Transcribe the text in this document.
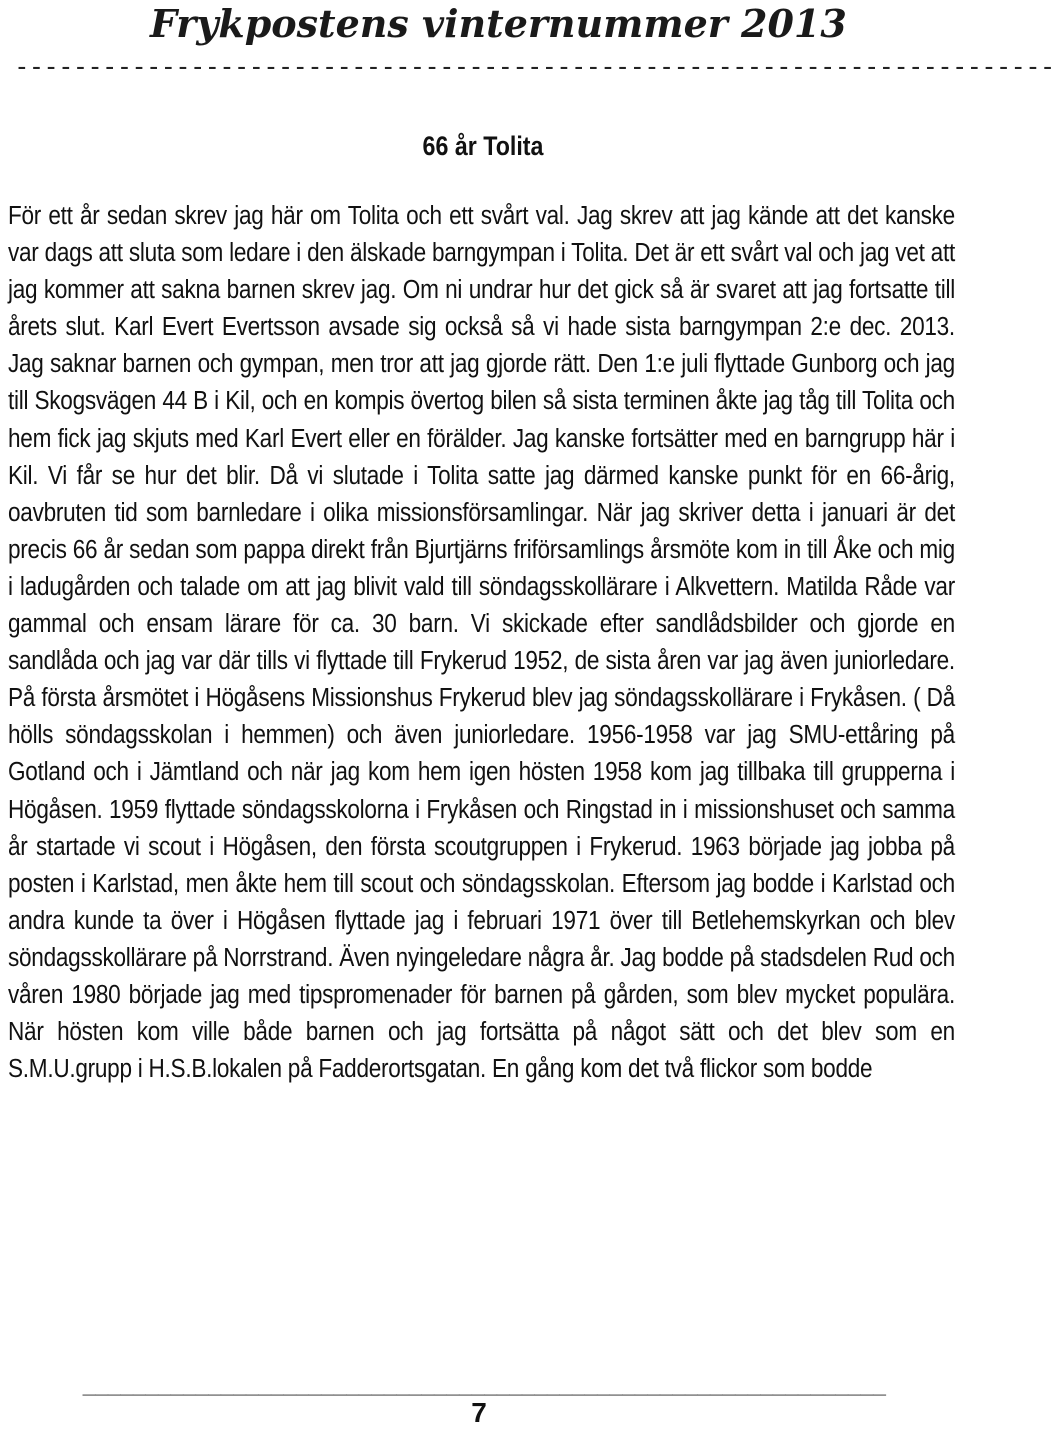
Frykpostens vinternummer 2013
-----------------------------------------------------------------------
66 år Tolita

För ett år sedan skrev jag här om Tolita och ett svårt val. Jag skrev att jag kände att det kanske var dags att sluta som ledare i den älskade barngympan i Tolita. Det är ett svårt val och jag vet att jag kommer att sakna barnen skrev jag. Om ni undrar hur det gick så är svaret att jag fortsatte till årets slut. Karl Evert Evertsson avsade sig också så vi hade sista barngympan 2:e dec. 2013. Jag saknar barnen och gympan, men tror att jag gjorde rätt. Den 1:e juli flyttade Gunborg och jag till Skogsvägen 44 B i Kil, och en kompis övertog bilen så sista terminen åkte jag tåg till Tolita och hem fick jag skjuts med Karl Evert eller en förälder. Jag kanske fortsätter med en barngrupp här i Kil. Vi får se hur det blir. Då vi slutade i Tolita satte jag därmed kanske punkt för en 66-årig, oavbruten tid som barnledare i olika missionsförsamlingar. När jag skriver detta i januari är det precis 66 år sedan som pappa direkt från Bjurtjärns friförsamlings årsmöte kom in till Åke och mig i ladugården och talade om att jag blivit vald till söndagsskollärare i Alkvettern. Matilda Råde var gammal och ensam lärare för ca. 30 barn. Vi skickade efter sandlådsbilder och gjorde en sandlåda och jag var där tills vi flyttade till Frykerud 1952, de sista åren var jag även juniorledare. På första årsmötet i Högåsens Missionshus Frykerud blev jag söndagsskollärare i Frykåsen. ( Då hölls söndagsskolan i hemmen) och även juniorledare. 1956-1958 var jag SMU-ettåring på Gotland och i Jämtland och när jag kom hem igen hösten 1958 kom jag tillbaka till grupperna i Högåsen. 1959 flyttade söndagsskolorna i Frykåsen och Ringstad in i missionshuset och samma år startade vi scout i Högåsen, den första scoutgruppen i Frykerud. 1963 började jag jobba på posten i Karlstad, men åkte hem till scout och söndagsskolan. Eftersom jag bodde i Karlstad och andra kunde ta över i Högåsen flyttade jag i februari 1971 över till Betlehemskyrkan och blev söndagsskollärare på Norrstrand. Även nyingeledare några år. Jag bodde på stadsdelen Rud och våren 1980 började jag med tipspromenader för barnen på gården, som blev mycket populära. När hösten kom ville både barnen och jag fortsätta på något sätt och det blev som en S.M.U.grupp i H.S.B.lokalen på Fadderortsgatan. En gång kom det två flickor som bodde

________________________________________________________________
7
